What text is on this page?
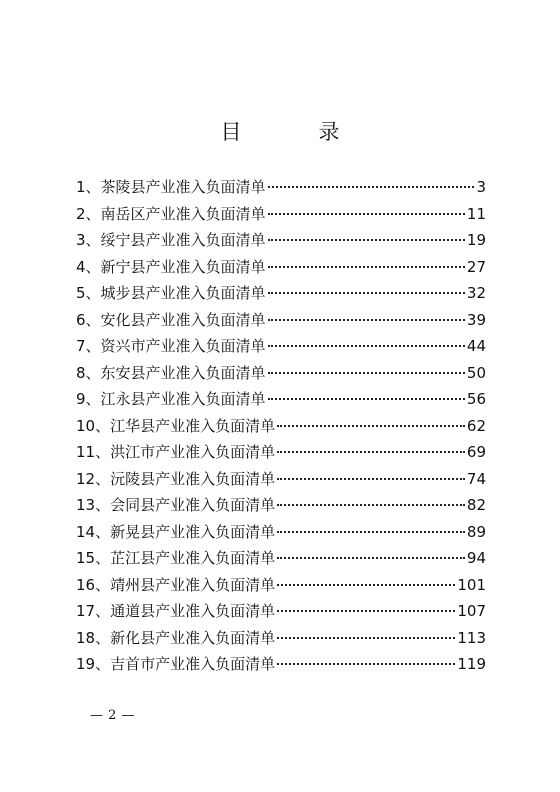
目　录
1、 茶陵县产业准入负面清单	3
2、 南岳区产业准入负面清单	11
3、 绥宁县产业准入负面清单	19
4、 新宁县产业准入负面清单	27
5、 城步县产业准入负面清单	32
6、 安化县产业准入负面清单	39
7、 资兴市产业准入负面清单	44
8、 东安县产业准入负面清单	50
9、 江永县产业准入负面清单	56
10、 江华县产业准入负面清单	62
11、 洪江市产业准入负面清单	69
12、 沅陵县产业准入负面清单	74
13、 会同县产业准入负面清单	82
14、 新晃县产业准入负面清单	89
15、 芷江县产业准入负面清单	94
16、 靖州县产业准入负面清单	101
17、 通道县产业准入负面清单	107
18、 新化县产业准入负面清单	113
19、 吉首市产业准入负面清单	119
— 2 —
